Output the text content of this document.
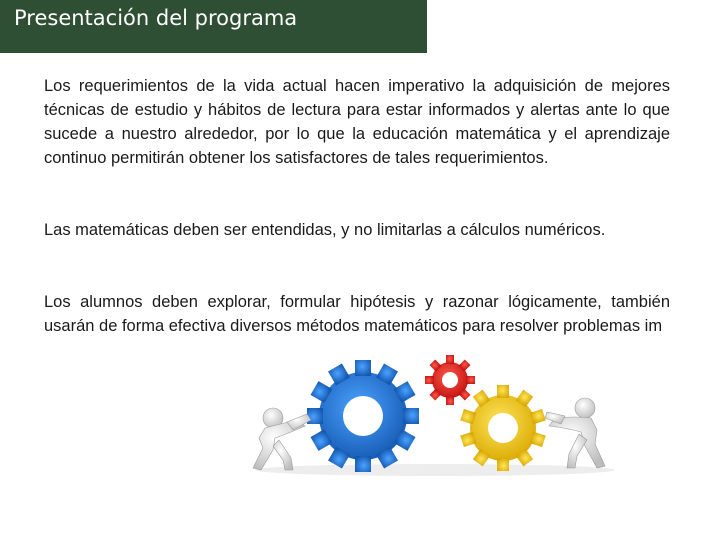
Presentación del programa

Los requerimientos de la vida actual hacen imperativo la adquisición de mejores técnicas de estudio y hábitos de lectura para estar informados y alertas ante lo que sucede a nuestro alrededor, por lo que la educación matemática y el aprendizaje continuo permitirán obtener los satisfactores de tales requerimientos.

Las matemáticas deben ser entendidas, y no limitarlas a cálculos numéricos.

Los alumnos deben explorar, formular hipótesis y razonar lógicamente, también usarán de forma efectiva diversos métodos matemáticos para resolver problemas im
